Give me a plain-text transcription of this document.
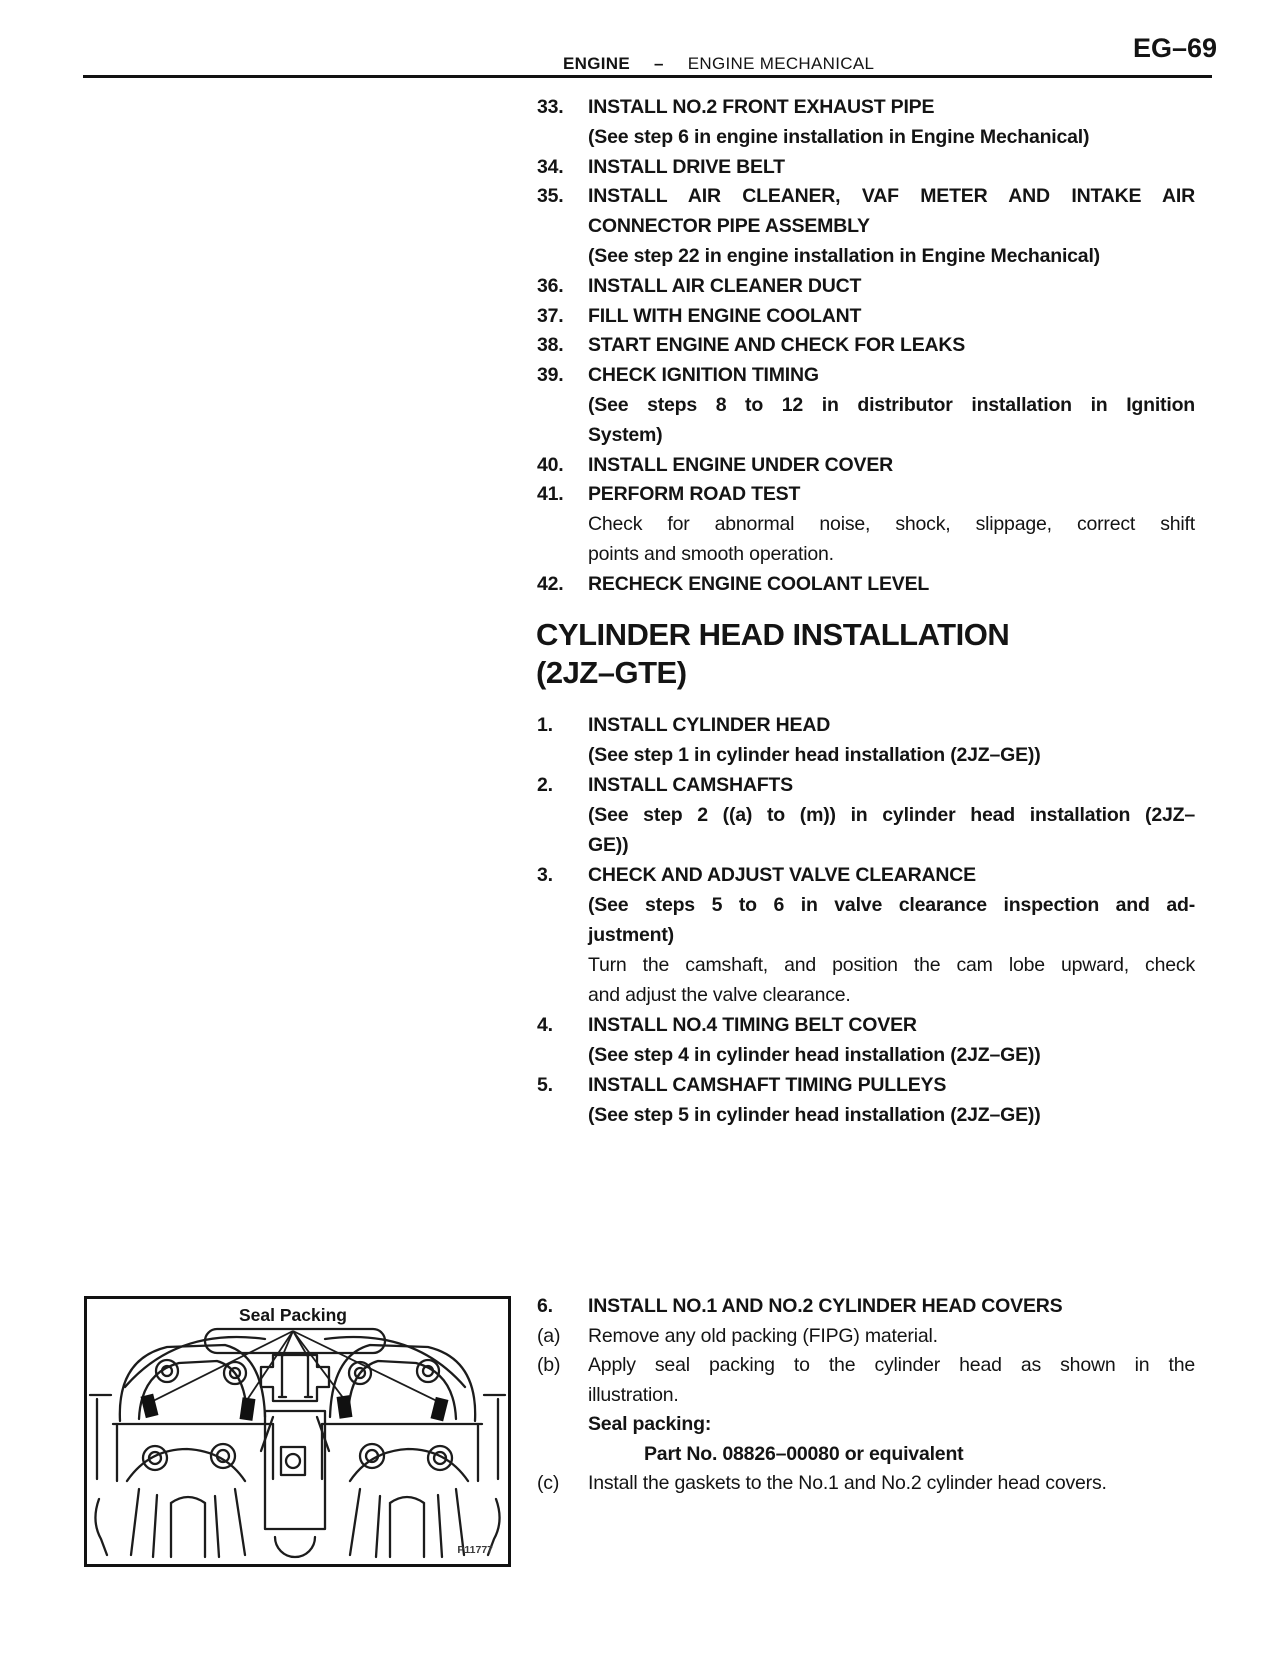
EG–69
ENGINE – ENGINE MECHANICAL
33.	INSTALL NO.2 FRONT EXHAUST PIPE
(See step 6 in engine installation in Engine Mechanical)
34.	INSTALL DRIVE BELT
35.	INSTALL AIR CLEANER, VAF METER AND INTAKE AIR
CONNECTOR PIPE ASSEMBLY
(See step 22 in engine installation in Engine Mechanical)
36.	INSTALL AIR CLEANER DUCT
37.	FILL WITH ENGINE COOLANT
38.	START ENGINE AND CHECK FOR LEAKS
39.	CHECK IGNITION TIMING
(See steps 8 to 12 in distributor installation in Ignition
System)
40.	INSTALL ENGINE UNDER COVER
41.	PERFORM ROAD TEST
Check for abnormal noise, shock, slippage, correct shift
points and smooth operation.
42.	RECHECK ENGINE COOLANT LEVEL
CYLINDER HEAD INSTALLATION
(2JZ–GTE)
1.	INSTALL CYLINDER HEAD
(See step 1 in cylinder head installation (2JZ–GE))
2.	INSTALL CAMSHAFTS
(See step 2 ((a) to (m)) in cylinder head installation (2JZ–
GE))
3.	CHECK AND ADJUST VALVE CLEARANCE
(See steps 5 to 6 in valve clearance inspection and ad-
justment)
Turn the camshaft, and position the cam lobe upward, check
and adjust the valve clearance.
4.	INSTALL NO.4 TIMING BELT COVER
(See step 4 in cylinder head installation (2JZ–GE))
5.	INSTALL CAMSHAFT TIMING PULLEYS
(See step 5 in cylinder head installation (2JZ–GE))
6.	INSTALL NO.1 AND NO.2 CYLINDER HEAD COVERS
(a)	Remove any old packing (FIPG) material.
(b)	Apply seal packing to the cylinder head as shown in the
illustration.
Seal packing:
Part No. 08826–00080 or equivalent
(c)	Install the gaskets to the No.1 and No.2 cylinder head covers.
Seal Packing
P11777
